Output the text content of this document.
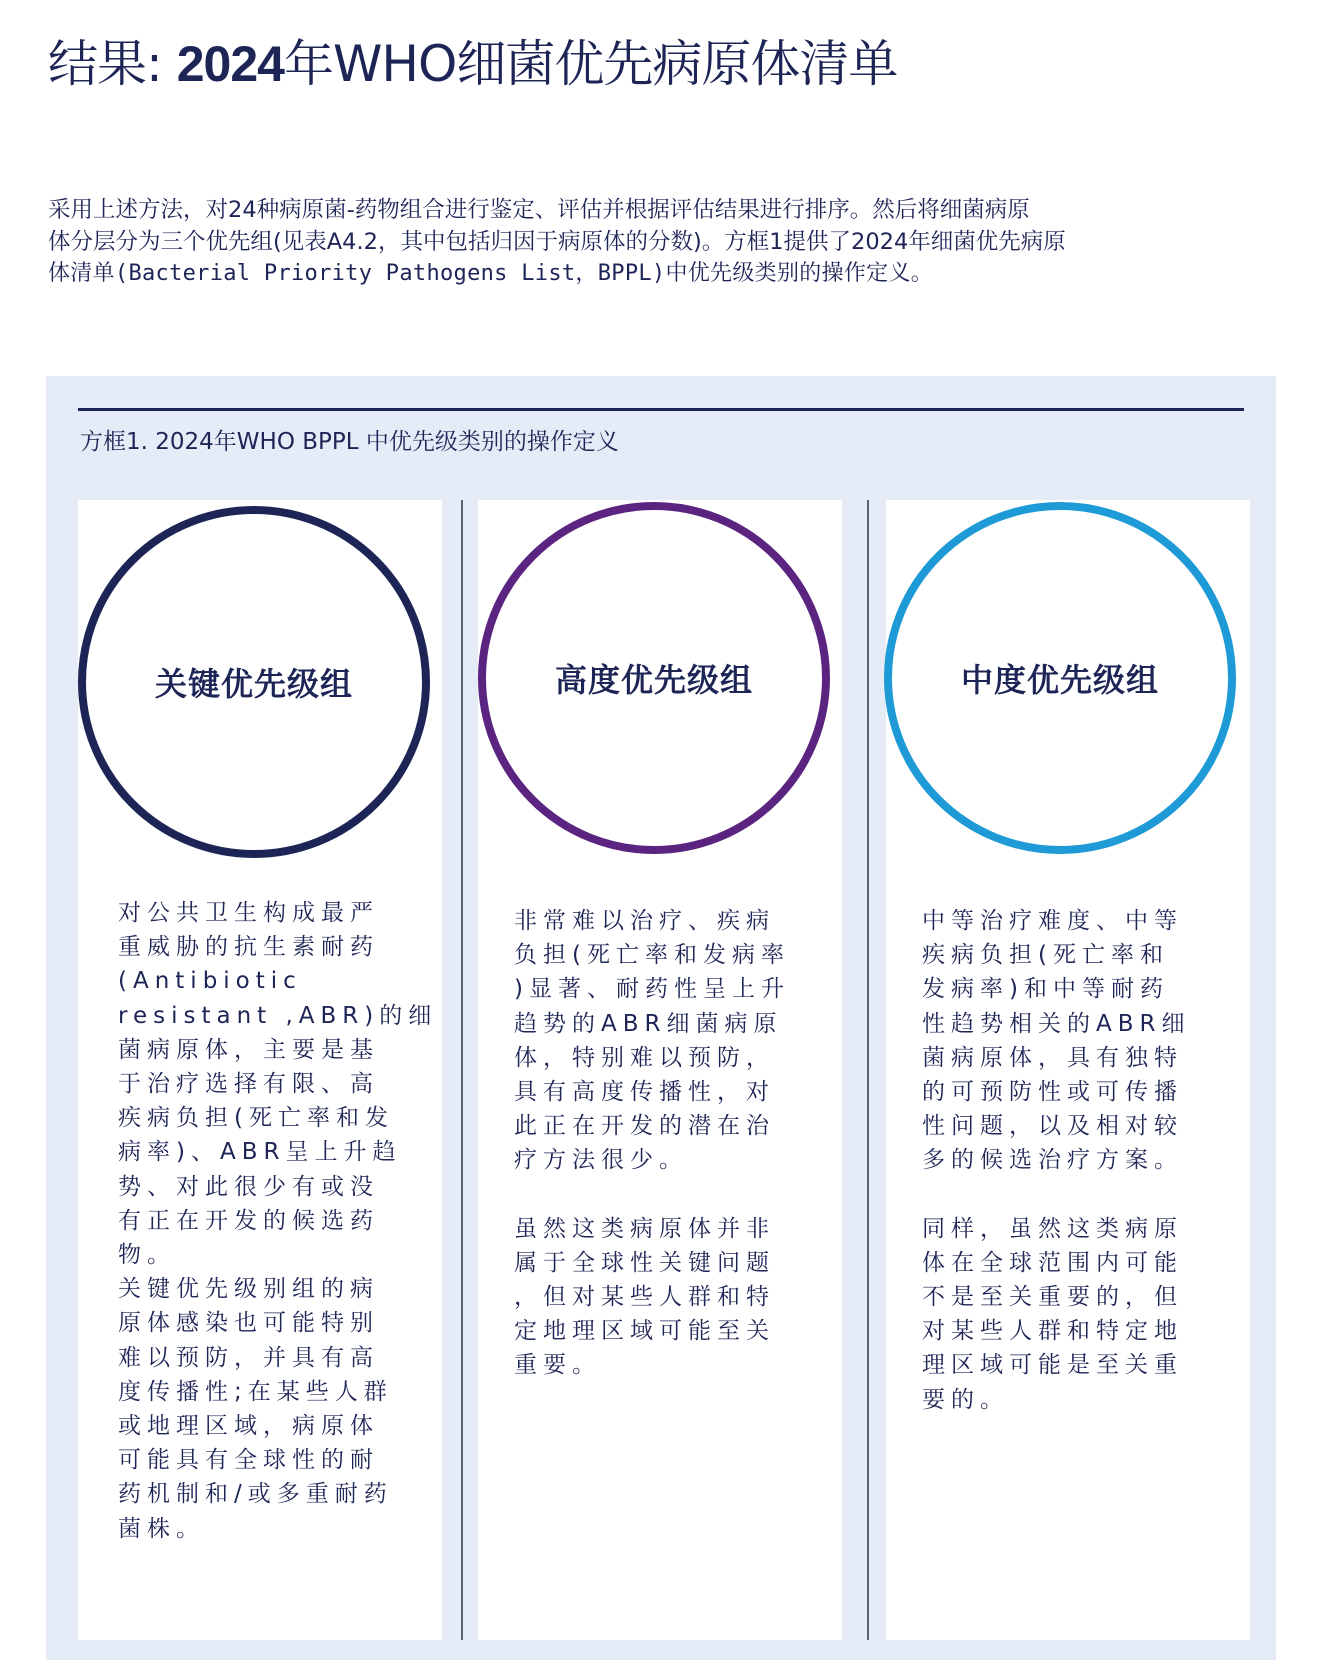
结果: 2024年WHO细菌优先病原体清单

采用上述方法，对24种病原菌-药物组合进行鉴定、评估并根据评估结果进行排序。然后将细菌病原
体分层分为三个优先组(见表A4.2，其中包括归因于病原体的分数)。方框1提供了2024年细菌优先病原
体清单(Bacterial Priority Pathogens List，BPPL)中优先级类别的操作定义。

方框1. 2024年WHO BPPL 中优先级类别的操作定义
关键优先级组	高度优先级组	中度优先级组

对公共卫生构成最严
重威胁的抗生素耐药
(Antibiotic
resistant ,ABR)的细
菌病原体，主要是基
于治疗选择有限、高
疾病负担(死亡率和发
病率)、ABR呈上升趋
势、对此很少有或没
有正在开发的候选药
物。
关键优先级别组的病
原体感染也可能特别
难以预防，并具有高
度传播性;在某些人群
或地理区域，病原体
可能具有全球性的耐
药机制和/或多重耐药
菌株。

非常难以治疗、疾病
负担(死亡率和发病率
)显著、耐药性呈上升
趋势的ABR细菌病原
体，特别难以预防，
具有高度传播性，对
此正在开发的潜在治
疗方法很少。
虽然这类病原体并非
属于全球性关键问题
，但对某些人群和特
定地理区域可能至关
重要。

中等治疗难度、中等
疾病负担(死亡率和
发病率)和中等耐药
性趋势相关的ABR细
菌病原体，具有独特
的可预防性或可传播
性问题，以及相对较
多的候选治疗方案。
同样，虽然这类病原
体在全球范围内可能
不是至关重要的，但
对某些人群和特定地
理区域可能是至关重
要的。
